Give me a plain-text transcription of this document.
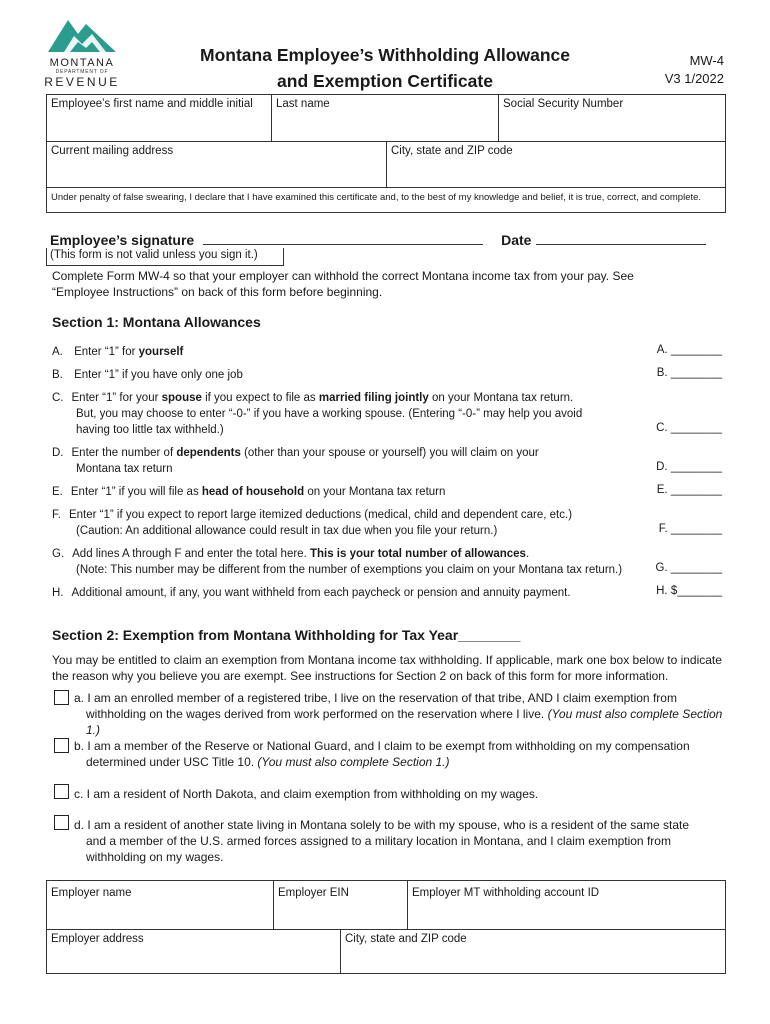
MONTANA
DEPARTMENT OF
REVENUE
Montana Employee’s Withholding Allowance
and Exemption Certificate
MW-4
V3 1/2022
Employee’s first name and middle initial	Last name	Social Security Number
Current mailing address	City, state and ZIP code
Under penalty of false swearing, I declare that I have examined this certificate and, to the best of my knowledge and belief, it is true, correct, and complete.
Employee’s signature	Date
(This form is not valid unless you sign it.)
Complete Form MW-4 so that your employer can withhold the correct Montana income tax from your pay. See
“Employee Instructions” on back of this form before beginning.
Section 1: Montana Allowances
A. Enter “1” for yourself	A. ________
B. Enter “1” if you have only one job	B. ________
C. Enter “1” for your spouse if you expect to file as married filing jointly on your Montana tax return.
But, you may choose to enter “-0-” if you have a working spouse. (Entering “-0-” may help you avoid
having too little tax withheld.)	C. ________
D. Enter the number of dependents (other than your spouse or yourself) you will claim on your
Montana tax return	D. ________
E. Enter “1” if you will file as head of household on your Montana tax return	E. ________
F. Enter “1” if you expect to report large itemized deductions (medical, child and dependent care, etc.)
(Caution: An additional allowance could result in tax due when you file your return.)	F. ________
G. Add lines A through F and enter the total here. This is your total number of allowances.
(Note: This number may be different from the number of exemptions you claim on your Montana tax return.)	G. ________
H. Additional amount, if any, you want withheld from each paycheck or pension and annuity payment.	H. $_______
Section 2: Exemption from Montana Withholding for Tax Year________
You may be entitled to claim an exemption from Montana income tax withholding. If applicable, mark one box below to indicate
the reason why you believe you are exempt. See instructions for Section 2 on back of this form for more information.
a. I am an enrolled member of a registered tribe, I live on the reservation of that tribe, AND I claim exemption from
withholding on the wages derived from work performed on the reservation where I live. (You must also complete Section 1.)
b. I am a member of the Reserve or National Guard, and I claim to be exempt from withholding on my compensation
determined under USC Title 10. (You must also complete Section 1.)
c. I am a resident of North Dakota, and claim exemption from withholding on my wages.
d. I am a resident of another state living in Montana solely to be with my spouse, who is a resident of the same state
and a member of the U.S. armed forces assigned to a military location in Montana, and I claim exemption from
withholding on my wages.
Employer name	Employer EIN	Employer MT withholding account ID
Employer address	City, state and ZIP code
